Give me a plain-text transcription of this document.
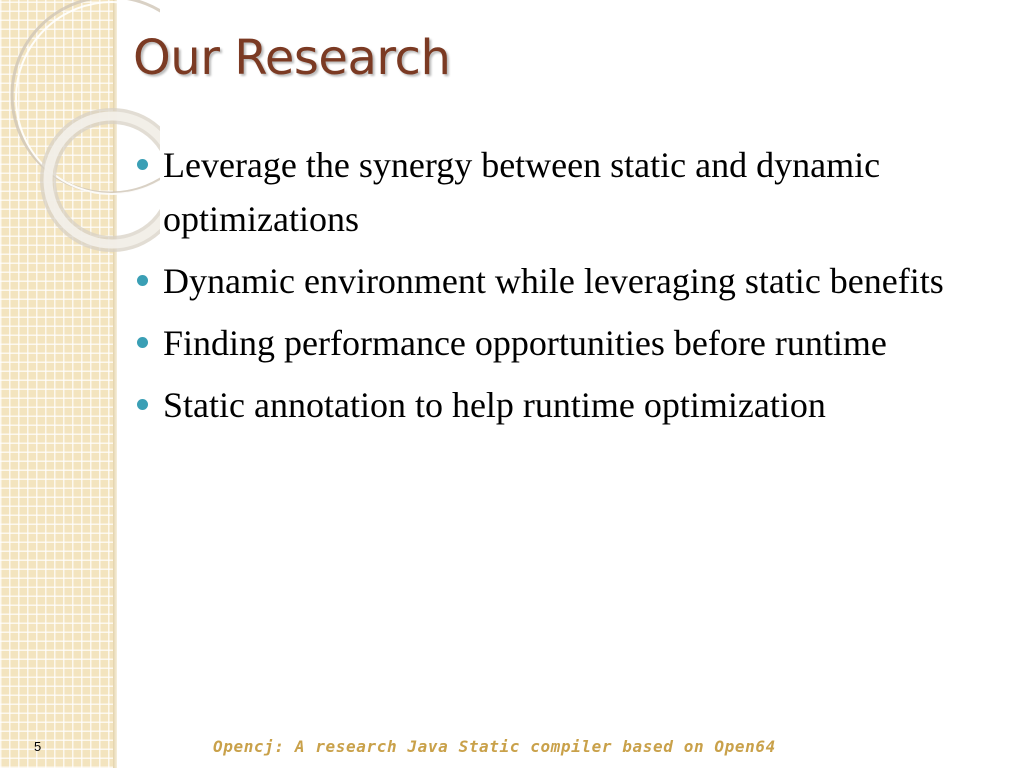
Our Research
Leverage the synergy between static and dynamic optimizations
Dynamic environment while leveraging static benefits
Finding performance opportunities before runtime
Static annotation to help runtime optimization
5	Opencj: A research Java Static compiler based on Open64
